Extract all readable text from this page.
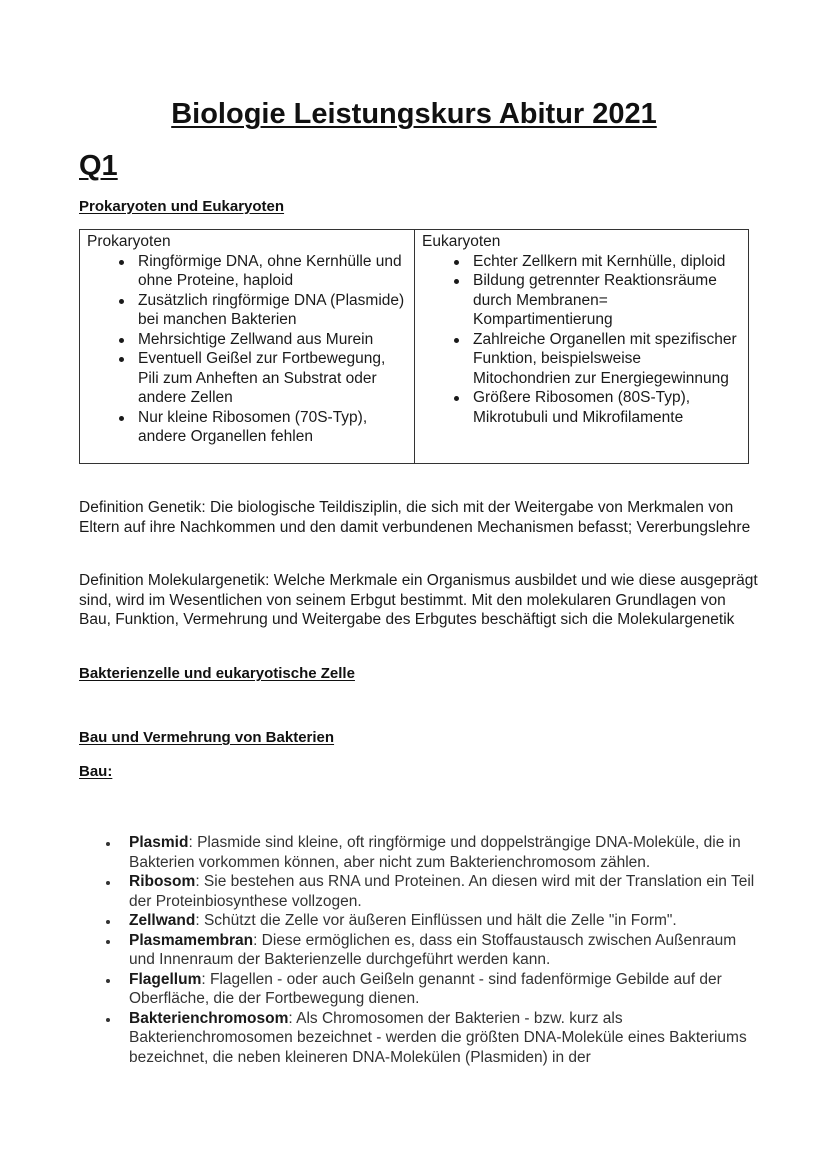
Biologie Leistungskurs Abitur 2021
Q1
Prokaryoten und Eukaryoten
Prokaryoten
Ringförmige DNA, ohne Kernhülle und ohne Proteine, haploid
Zusätzlich ringförmige DNA (Plasmide) bei manchen Bakterien
Mehrsichtige Zellwand aus Murein
Eventuell Geißel zur Fortbewegung, Pili zum Anheften an Substrat oder andere Zellen
Nur kleine Ribosomen (70S-Typ), andere Organellen fehlen
Eukaryoten
Echter Zellkern mit Kernhülle, diploid
Bildung getrennter Reaktionsräume durch Membranen= Kompartimentierung
Zahlreiche Organellen mit spezifischer Funktion, beispielsweise Mitochondrien zur Energiegewinnung
Größere Ribosomen (80S-Typ), Mikrotubuli und Mikrofilamente

Definition Genetik: Die biologische Teildisziplin, die sich mit der Weitergabe von Merkmalen von Eltern auf ihre Nachkommen und den damit verbundenen Mechanismen befasst; Vererbungslehre

Definition Molekulargenetik: Welche Merkmale ein Organismus ausbildet und wie diese ausgeprägt sind, wird im Wesentlichen von seinem Erbgut bestimmt. Mit den molekularen Grundlagen von Bau, Funktion, Vermehrung und Weitergabe des Erbgutes beschäftigt sich die Molekulargenetik

Bakterienzelle und eukaryotische Zelle
Bau und Vermehrung von Bakterien
Bau:
Plasmid: Plasmide sind kleine, oft ringförmige und doppelsträngige DNA-Moleküle, die in Bakterien vorkommen können, aber nicht zum Bakterienchromosom zählen.
Ribosom: Sie bestehen aus RNA und Proteinen. An diesen wird mit der Translation ein Teil der Proteinbiosynthese vollzogen.
Zellwand: Schützt die Zelle vor äußeren Einflüssen und hält die Zelle "in Form".
Plasmamembran: Diese ermöglichen es, dass ein Stoffaustausch zwischen Außenraum und Innenraum der Bakterienzelle durchgeführt werden kann.
Flagellum: Flagellen - oder auch Geißeln genannt - sind fadenförmige Gebilde auf der Oberfläche, die der Fortbewegung dienen.
Bakterienchromosom: Als Chromosomen der Bakterien - bzw. kurz als Bakterienchromosomen bezeichnet - werden die größten DNA-Moleküle eines Bakteriums bezeichnet, die neben kleineren DNA-Molekülen (Plasmiden) in der
